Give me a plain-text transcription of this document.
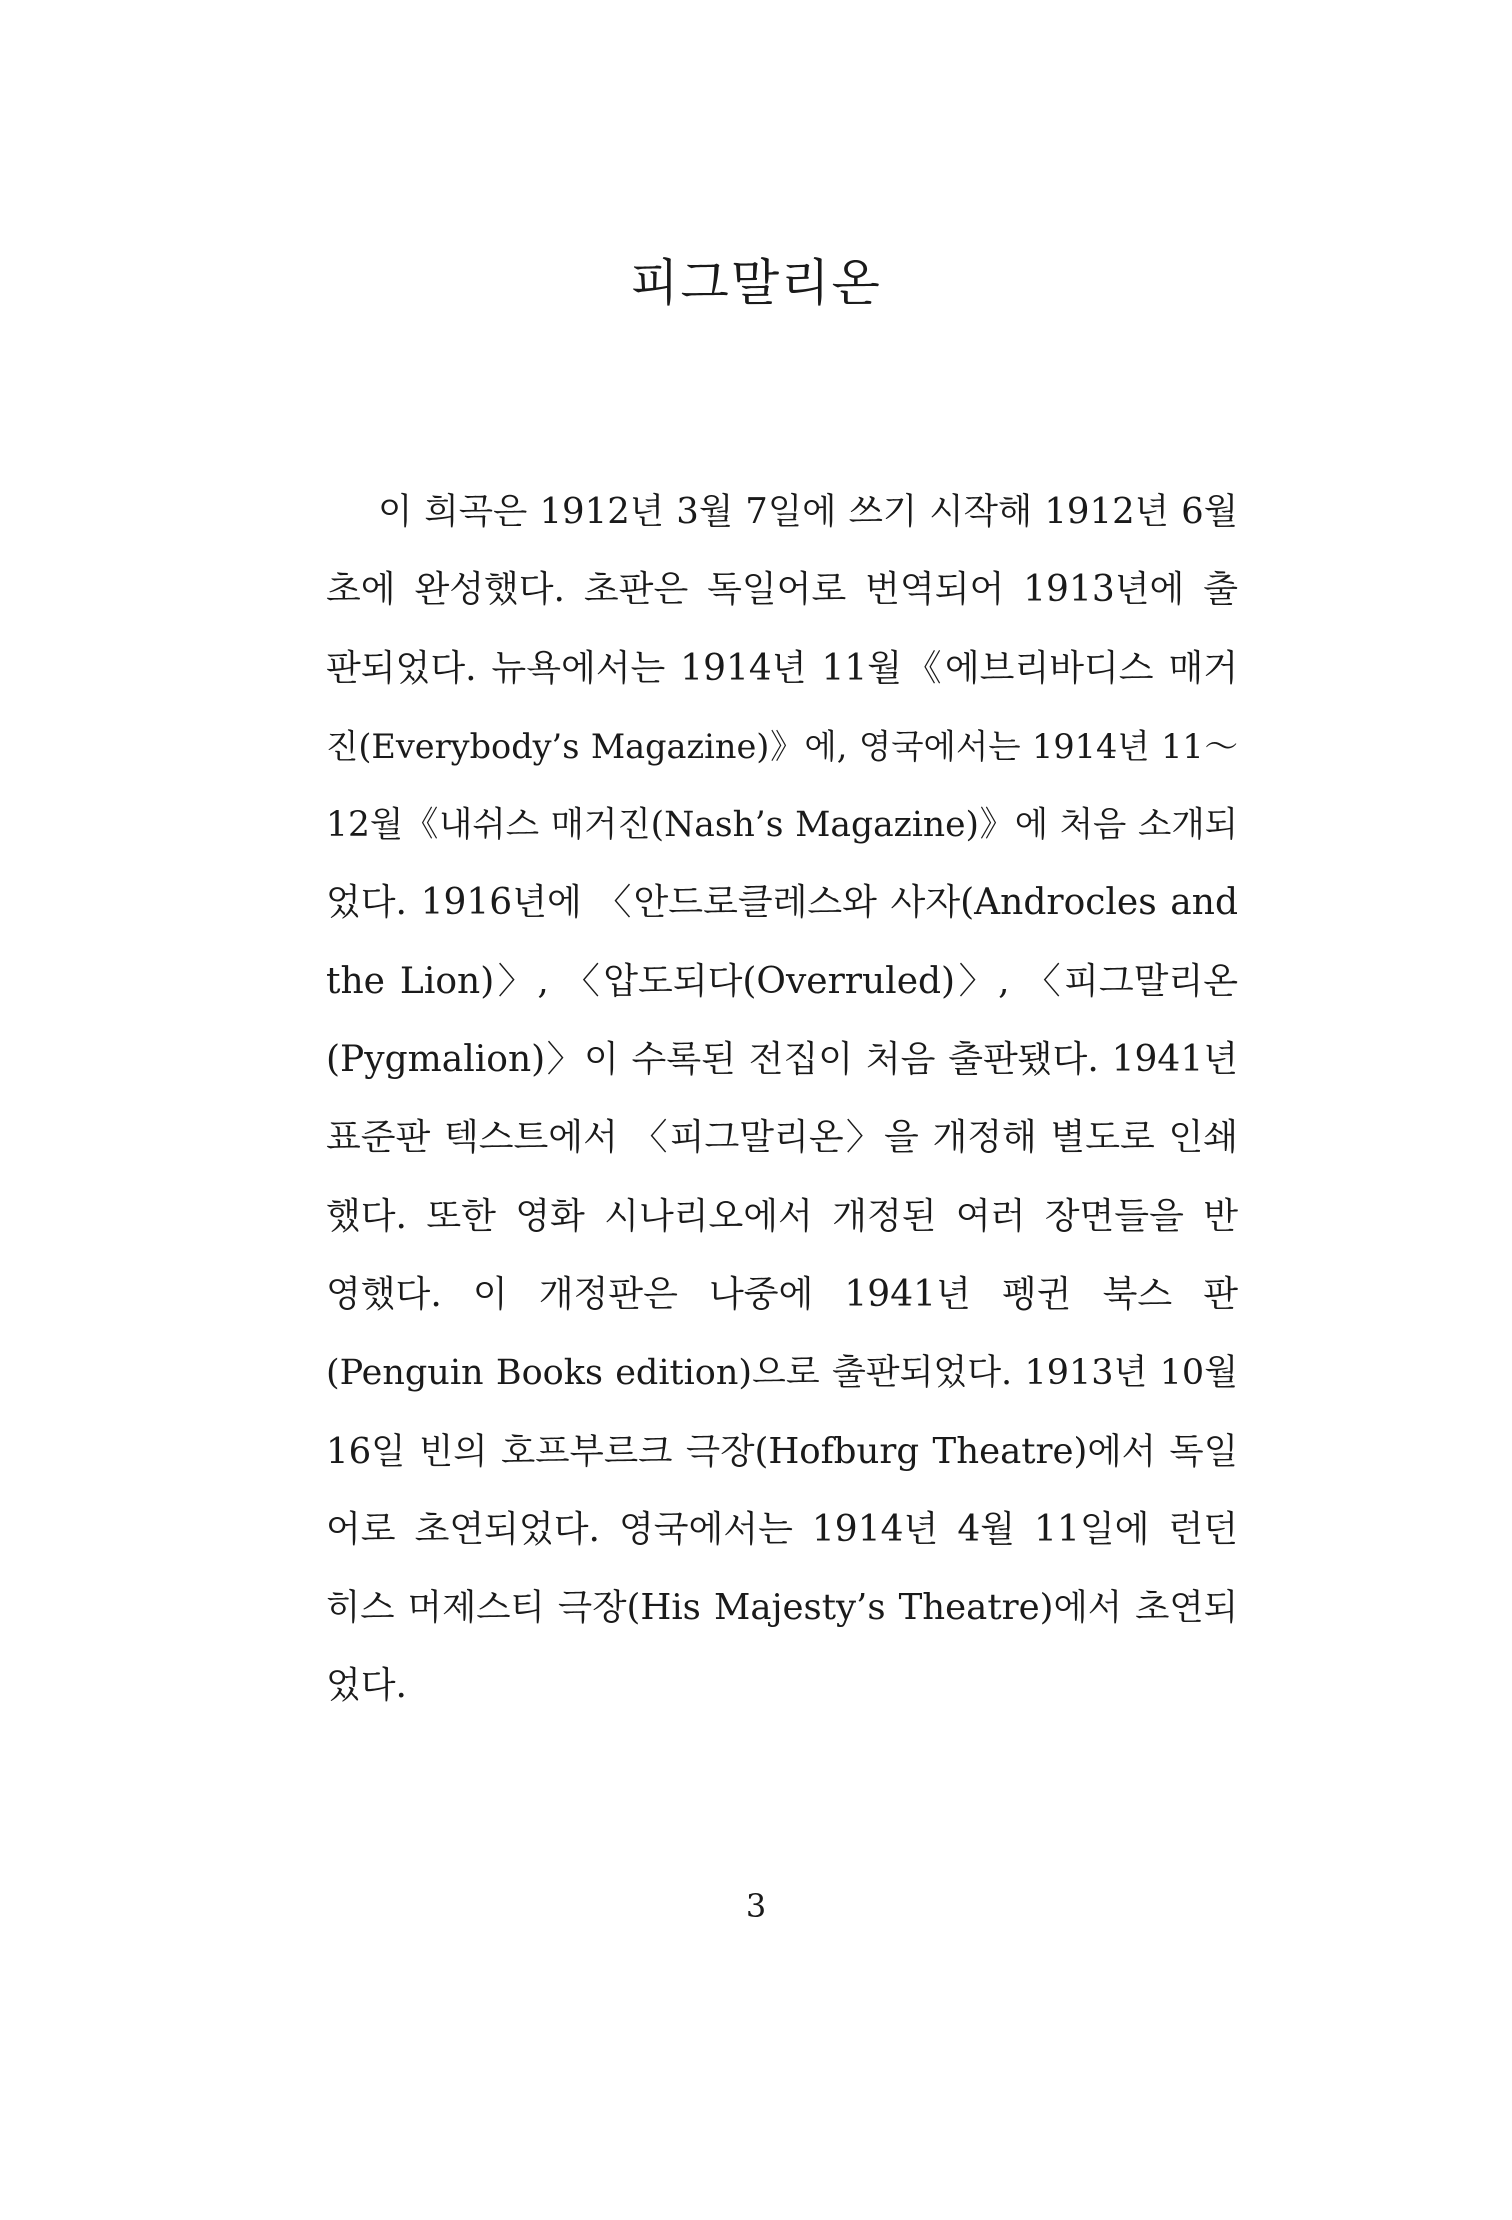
피그말리온
이 희곡은 1912년 3월 7일에 쓰기 시작해 1912년 6월
초에 완성했다. 초판은 독일어로 번역되어 1913년에 출
판되었다. 뉴욕에서는 1914년 11월《에브리바디스 매거
진(Everybody’s Magazine)》에, 영국에서는 1914년 11～
12월《내쉬스 매거진(Nash’s Magazine)》에 처음 소개되
었다. 1916년에 〈안드로클레스와 사자(Androcles and
the Lion)〉, 〈압도되다(Overruled)〉, 〈피그말리온
(Pygmalion)〉이 수록된 전집이 처음 출판됐다. 1941년
표준판 텍스트에서 〈피그말리온〉을 개정해 별도로 인쇄
했다. 또한 영화 시나리오에서 개정된 여러 장면들을 반
영했다. 이 개정판은 나중에 1941년 펭귄 북스 판
(Penguin Books edition)으로 출판되었다. 1913년 10월
16일 빈의 호프부르크 극장(Hofburg Theatre)에서 독일
어로 초연되었다. 영국에서는 1914년 4월 11일에 런던
히스 머제스티 극장(His Majesty’s Theatre)에서 초연되
었다.
3
